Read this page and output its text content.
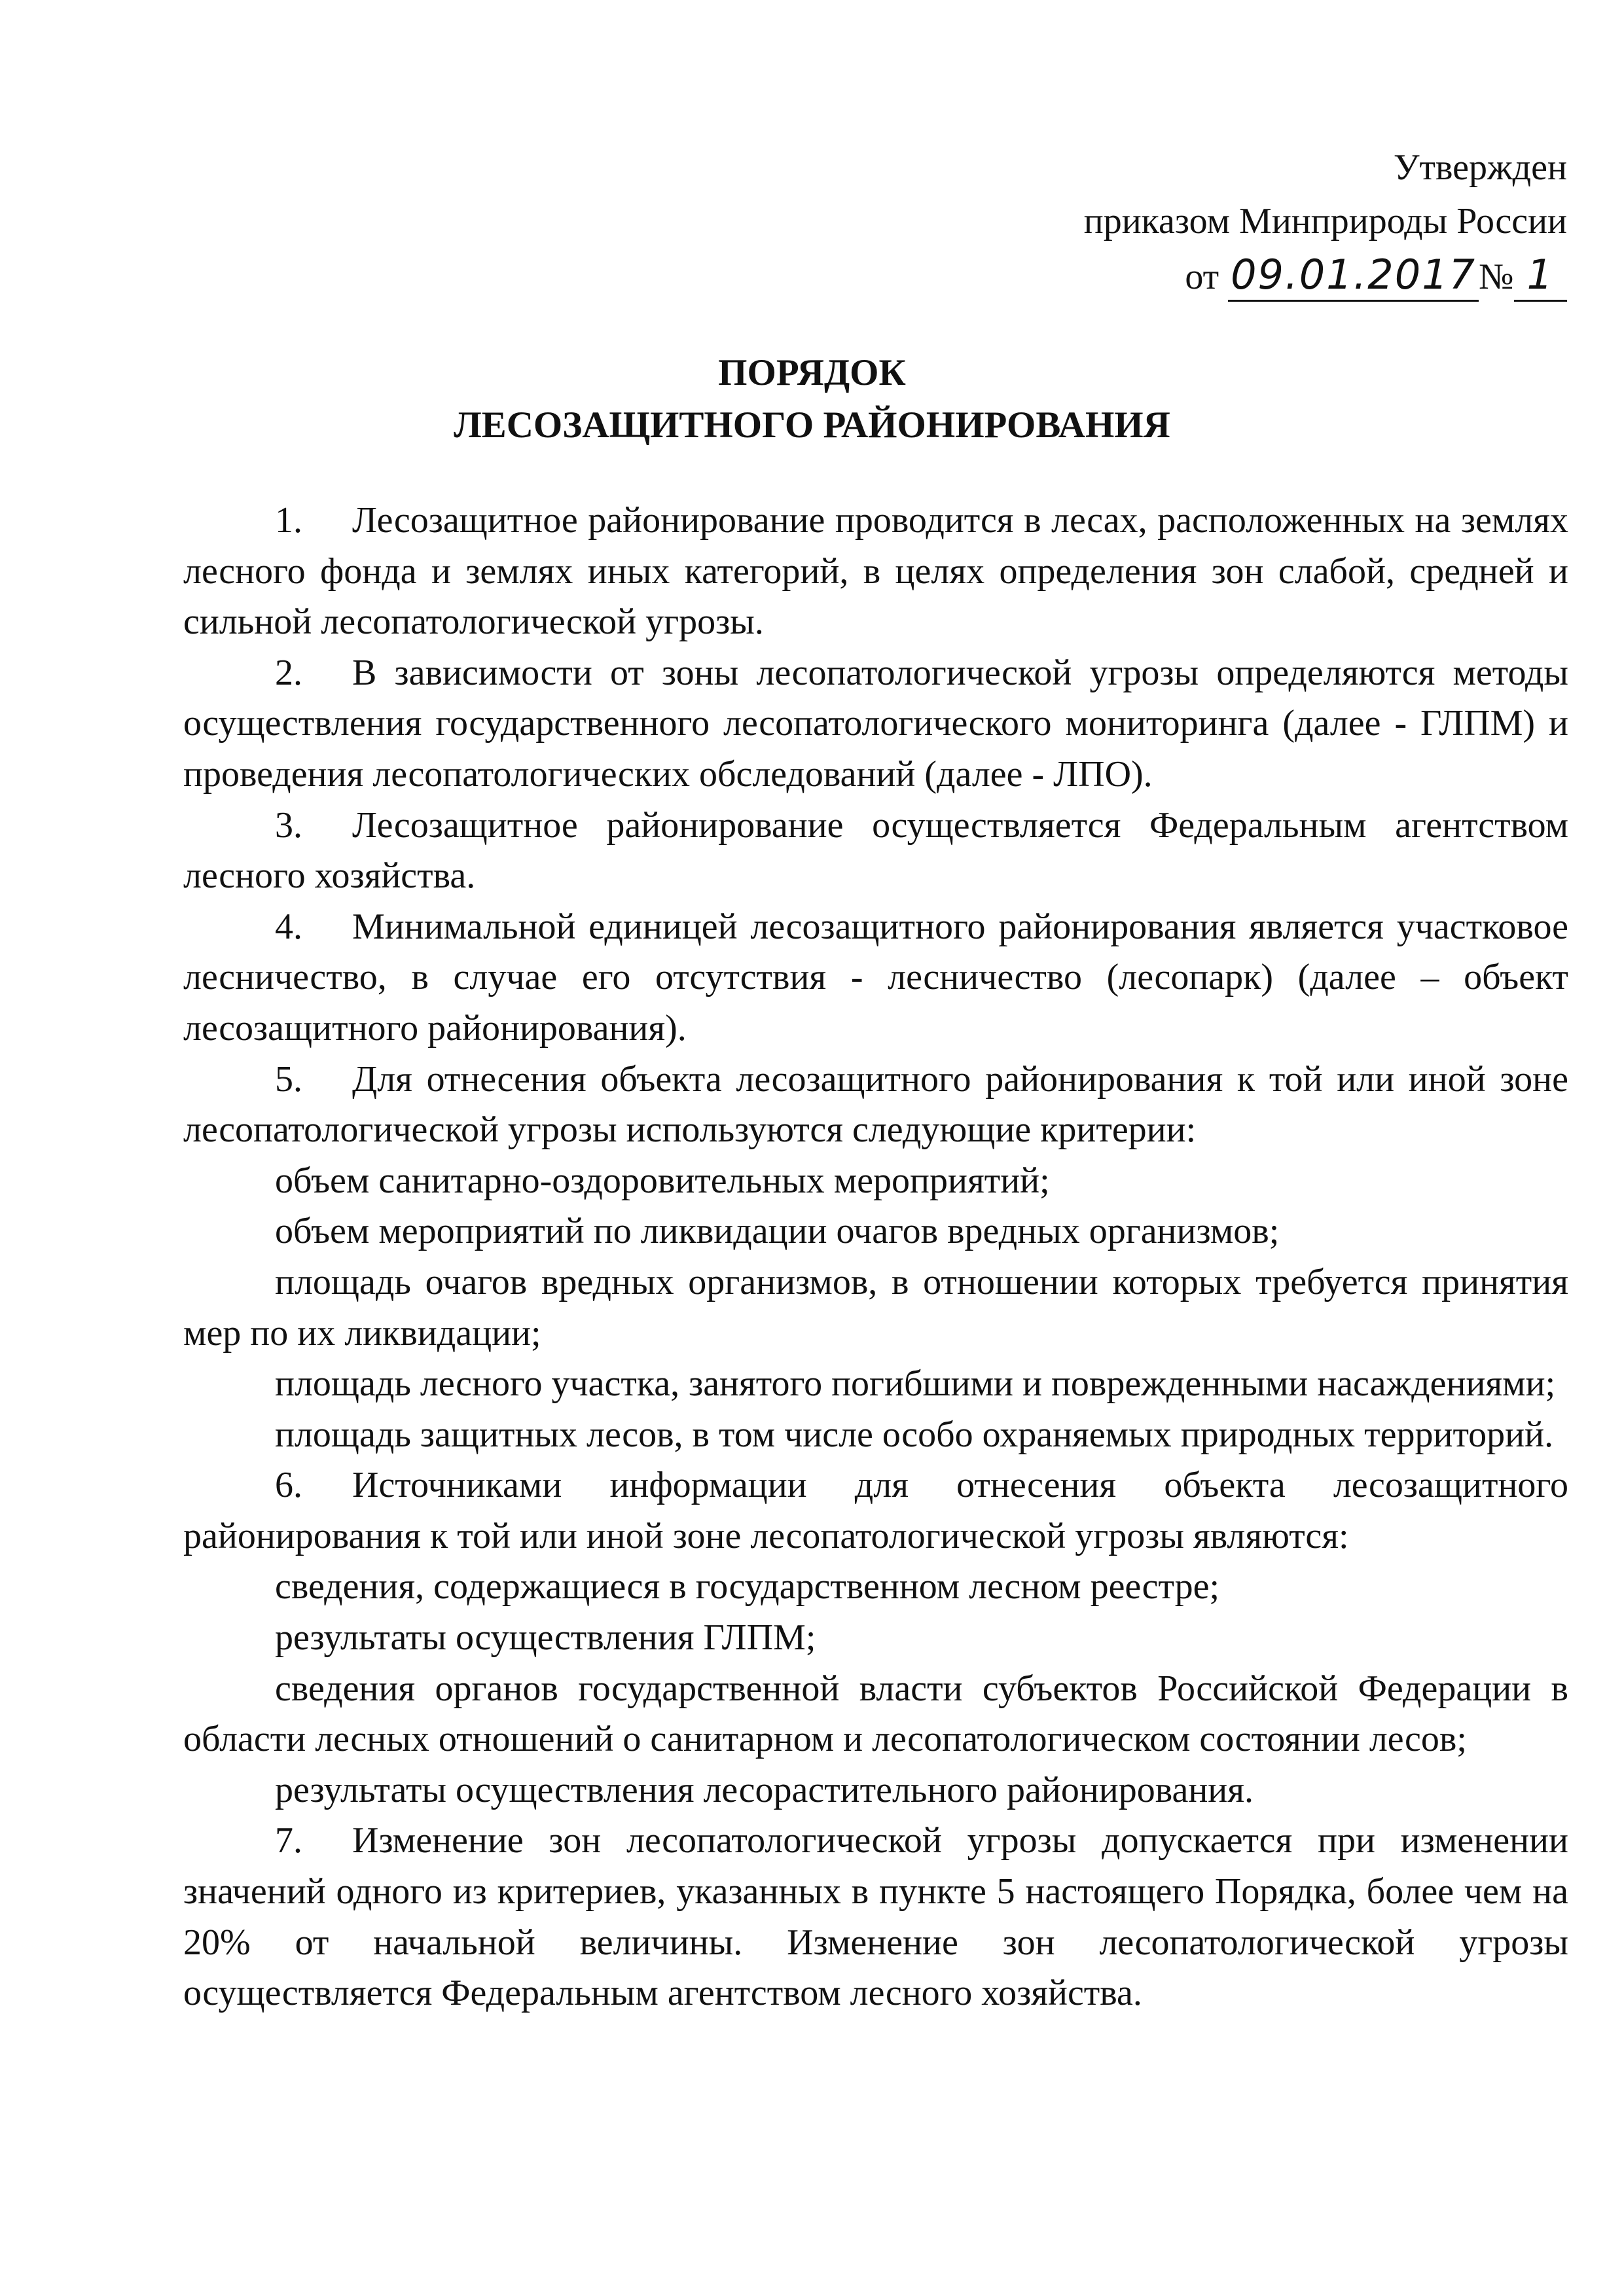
Утвержден
приказом Минприроды России
от 09.01.2017№ 1
ПОРЯДОК
ЛЕСОЗАЩИТНОГО РАЙОНИРОВАНИЯ

1. Лесозащитное районирование проводится в лесах, расположенных на землях лесного фонда и землях иных категорий, в целях определения зон слабой, средней и сильной лесопатологической угрозы.

2. В зависимости от зоны лесопатологической угрозы определяются методы осуществления государственного лесопатологического мониторинга (далее - ГЛПМ) и проведения лесопатологических обследований (далее - ЛПО).

3. Лесозащитное районирование осуществляется Федеральным агентством лесного хозяйства.

4. Минимальной единицей лесозащитного районирования является участковое лесничество, в случае его отсутствия - лесничество (лесопарк) (далее – объект лесозащитного районирования).

5. Для отнесения объекта лесозащитного районирования к той или иной зоне лесопатологической угрозы используются следующие критерии:

объем санитарно-оздоровительных мероприятий;

объем мероприятий по ликвидации очагов вредных организмов;

площадь очагов вредных организмов, в отношении которых требуется принятия мер по их ликвидации;

площадь лесного участка, занятого погибшими и поврежденными насаждениями;

площадь защитных лесов, в том числе особо охраняемых природных территорий.

6. Источниками информации для отнесения объекта лесозащитного районирования к той или иной зоне лесопатологической угрозы являются:

сведения, содержащиеся в государственном лесном реестре;

результаты осуществления ГЛПМ;

сведения органов государственной власти субъектов Российской Федерации в области лесных отношений о санитарном и лесопатологическом состоянии лесов;

результаты осуществления лесорастительного районирования.

7. Изменение зон лесопатологической угрозы допускается при изменении значений одного из критериев, указанных в пункте 5 настоящего Порядка, более чем на 20% от начальной величины. Изменение зон лесопатологической угрозы осуществляется Федеральным агентством лесного хозяйства.
